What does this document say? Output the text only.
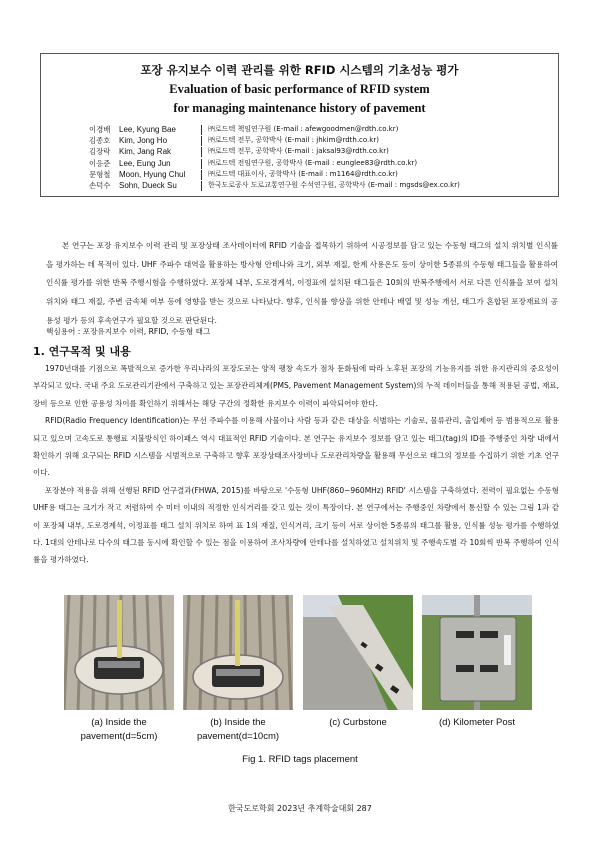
포장 유지보수 이력 관리를 위한 RFID 시스템의 기초성능 평가
Evaluation of basic performance of RFID system
for managing maintenance history of pavement
이경배	Lee, Kyung Bae	㈜로드텍 책임연구원 (E-mail : afewgoodmen@rdth.co.kr)
김종호	Kim, Jong Ho	㈜로드텍 전무, 공학박사 (E-mail : jhkim@rdth.co.kr)
김장락	Kim, Jang Rak	㈜로드텍 전무, 공학박사 (E-mail : jaksal93@rdth.co.kr)
이응준	Lee, Eung Jun	㈜로드텍 전임연구원, 공학박사 (E-mail : eunglee83@rdth.co.kr)
문형철	Moon, Hyung Chul	㈜로드텍 대표이사, 공학박사 (E-mail : m1164@rdth.co.kr)
손덕수	Sohn, Dueck Su	한국도로공사 도로교통연구원 수석연구원, 공학박사 (E-mail : mgsds@ex.co.kr)
본 연구는 포장 유지보수 이력 관리 및 포장상태 조사데이터에 RFID 기술을 접목하기 위하여 시공정보를 담고 있는 수동형 태그의 설치 위치별 인식률을 평가하는 데 목적이 있다. UHF 주파수 대역을 활용하는 방사형 안테나와 크기, 외부 재질, 한계 사용온도 등이 상이한 5종류의 수동형 태그들을 활용하여 인식률 평가를 위한 반복 주행시험을 수행하였다. 포장체 내부, 도로경계석, 이정표에 설치된 태그들은 10회의 반복주행에서 서로 다른 인식률을 보여 설치 위치와 태그 재질, 주변 금속체 여부 등에 영향을 받는 것으로 나타났다. 향후, 인식률 향상을 위한 안테나 배열 및 성능 개선, 태그가 혼합된 포장재료의 공용성 평가 등의 후속연구가 필요할 것으로 판단된다.
핵심용어 : 포장유지보수 이력, RFID, 수동형 태그
1. 연구목적 및 내용

1970년대를 기점으로 폭발적으로 증가한 우리나라의 포장도로는 양적 팽창 속도가 점차 둔화됨에 따라 노후된 포장의 기능유지를 위한 유지관리의 중요성이 부각되고 있다. 국내 주요 도로관리기관에서 구축하고 있는 포장관리체계(PMS, Pavement Management System)의 누적 데이터들을 통해 적용된 공법, 재료, 장비 등으로 인한 공용성 차이를 확인하기 위해서는 해당 구간의 정확한 유지보수 이력이 파악되어야 한다.

RFID(Radio Frequency Identification)는 무선 주파수를 이용해 사물이나 사람 등과 같은 대상을 식별하는 기술로, 물류관리, 출입제어 등 범용적으로 활용되고 있으며 고속도로 통행료 지불방식인 하이패스 역시 대표적인 RFID 기술이다. 본 연구는 유지보수 정보를 담고 있는 태그(tag)의 ID를 주행중인 차량 내에서 확인하기 위해 요구되는 RFID 시스템을 시범적으로 구축하고 향후 포장상태조사장비나 도로관리차량을 활용해 무선으로 태그의 정보를 수집하기 위한 기초 연구이다.

포장분야 적용을 위해 선행된 RFID 연구결과(FHWA, 2015)를 바탕으로 '수동형 UHF(860~960MHz) RFID' 시스템을 구축하였다. 전력이 필요없는 수동형 UHF용 태그는 크기가 작고 저렴하여 수 미터 이내의 적정한 인식거리를 갖고 있는 것이 특장이다. 본 연구에서는 주행중인 차량에서 통신할 수 있는 그림 1과 같이 포장체 내부, 도로경계석, 이정표를 태그 설치 위치로 하여 표 1의 재질, 인식거리, 크기 등이 서로 상이한 5종류의 태그를 활용, 인식률 성능 평가를 수행하였다. 1대의 안테나로 다수의 태그를 동시에 확인할 수 있는 점을 이용하여 조사차량에 안테나를 설치하였고 설치위치 및 주행속도별 각 10회씩 반복 주행하여 인식률을 평가하였다.

(a) Inside the pavement(d=5cm)
(b) Inside the pavement(d=10cm)
(c) Curbstone	(d) Kilometer Post
Fig 1. RFID tags placement
한국도로학회 2023년 추계학술대회 287
